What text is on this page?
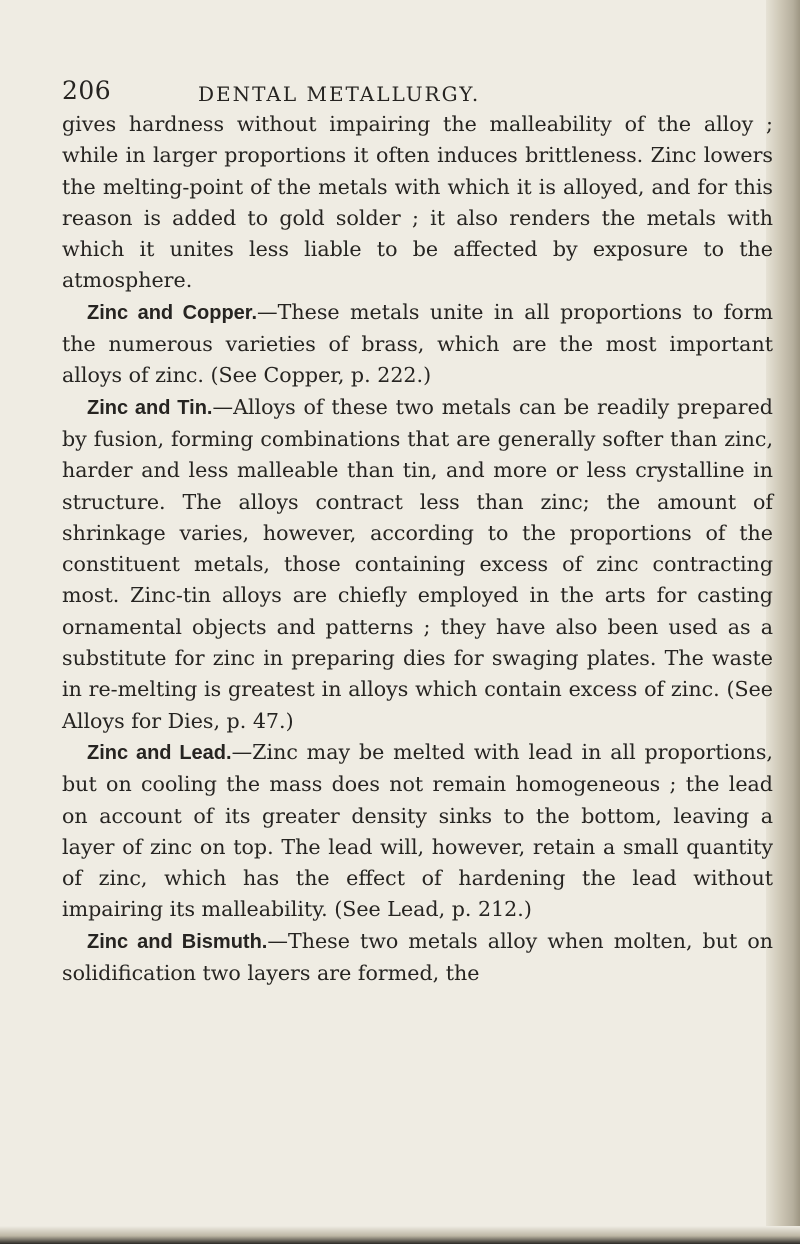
206	DENTAL METALLURGY.

gives hardness without impairing the malleability of the alloy ; while in larger proportions it often induces brittleness. Zinc lowers the melting-point of the metals with which it is alloyed, and for this reason is added to gold solder ; it also renders the metals with which it unites less liable to be affected by exposure to the atmosphere.

Zinc and Copper.—These metals unite in all proportions to form the numerous varieties of brass, which are the most important alloys of zinc. (See Copper, p. 222.)

Zinc and Tin.—Alloys of these two metals can be readily prepared by fusion, forming combinations that are generally softer than zinc, harder and less malleable than tin, and more or less crystalline in structure. The alloys contract less than zinc; the amount of shrinkage varies, however, according to the proportions of the constituent metals, those containing excess of zinc contracting most. Zinc-tin alloys are chiefly employed in the arts for casting ornamental objects and patterns ; they have also been used as a substitute for zinc in preparing dies for swaging plates. The waste in re-melting is greatest in alloys which contain excess of zinc. (See Alloys for Dies, p. 47.)

Zinc and Lead.—Zinc may be melted with lead in all proportions, but on cooling the mass does not remain homogeneous ; the lead on account of its greater density sinks to the bottom, leaving a layer of zinc on top. The lead will, however, retain a small quantity of zinc, which has the effect of hardening the lead without impairing its malleability. (See Lead, p. 212.)

Zinc and Bismuth.—These two metals alloy when molten, but on solidification two layers are formed, the
